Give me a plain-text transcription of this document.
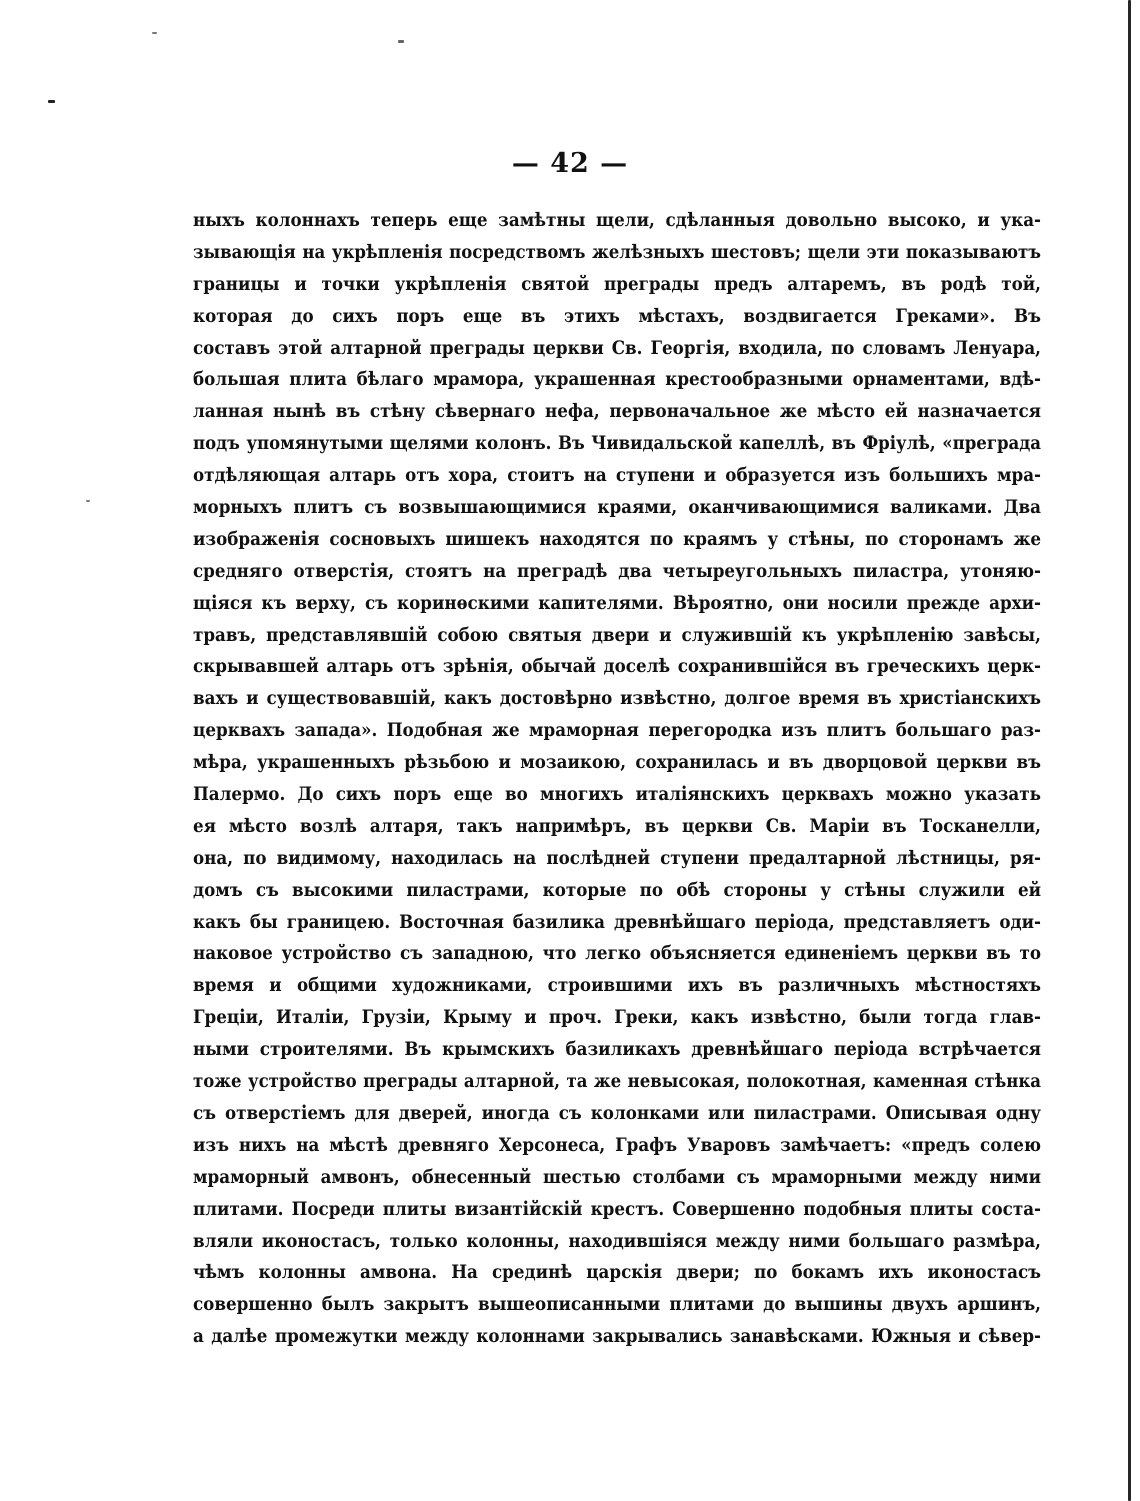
— 42 —
ныхъ колоннахъ теперь еще замѣтны щели, сдѣланныя довольно высоко, и ука-
зывающія на укрѣпленія посредствомъ желѣзныхъ шестовъ; щели эти показываютъ
границы и точки укрѣпленія святой преграды предъ алтаремъ, въ родѣ той,
которая до сихъ поръ еще въ этихъ мѣстахъ, воздвигается Греками». Въ
составъ этой алтарной преграды церкви Св. Георгія, входила, по словамъ Ленуара,
большая плита бѣлаго мрамора, украшенная крестообразными орнаментами, вдѣ-
ланная нынѣ въ стѣну сѣвернаго нефа, первоначальное же мѣсто ей назначается
подъ упомянутыми щелями колонъ. Въ Чивидальской капеллѣ, въ Фріулѣ, «преграда
отдѣляющая алтарь отъ хора, стоитъ на ступени и образуется изъ большихъ мра-
морныхъ плитъ съ возвышающимися краями, оканчивающимися валиками. Два
изображенія сосновыхъ шишекъ находятся по краямъ у стѣны, по сторонамъ же
средняго отверстія, стоятъ на преградѣ два четыреугольныхъ пиластра, утоняю-
щіяся къ верху, съ коринѳскими капителями. Вѣроятно, они носили прежде архи-
травъ, представлявшій собою святыя двери и служившій къ укрѣпленію завѣсы,
скрывавшей алтарь отъ зрѣнія, обычай доселѣ сохранившійся въ греческихъ церк-
вахъ и существовавшій, какъ достовѣрно извѣстно, долгое время въ христіанскихъ
церквахъ запада». Подобная же мраморная перегородка изъ плитъ большаго раз-
мѣра, украшенныхъ рѣзьбою и мозаикою, сохранилась и въ дворцовой церкви въ
Палермо. До сихъ поръ еще во многихъ италіянскихъ церквахъ можно указать
ея мѣсто возлѣ алтаря, такъ напримѣръ, въ церкви Св. Маріи въ Тосканелли,
она, по видимому, находилась на послѣдней ступени предалтарной лѣстницы, ря-
домъ съ высокими пиластрами, которые по обѣ стороны у стѣны служили ей
какъ бы границею. Восточная базилика древнѣйшаго періода, представляетъ оди-
наковое устройство съ западною, что легко объясняется единеніемъ церкви въ то
время и общими художниками, строившими ихъ въ различныхъ мѣстностяхъ
Греціи, Италіи, Грузіи, Крыму и проч. Греки, какъ извѣстно, были тогда глав-
ными строителями. Въ крымскихъ базиликахъ древнѣйшаго періода встрѣчается
тоже устройство преграды алтарной, та же невысокая, полокотная, каменная стѣнка
съ отверстіемъ для дверей, иногда съ колонками или пиластрами. Описывая одну
изъ нихъ на мѣстѣ древняго Херсонеса, Графъ Уваровъ замѣчаетъ: «предъ солею
мраморный амвонъ, обнесенный шестью столбами съ мраморными между ними
плитами. Посреди плиты византійскій крестъ. Совершенно подобныя плиты соста-
вляли иконостасъ, только колонны, находившіяся между ними большаго размѣра,
чѣмъ колонны амвона. На срединѣ царскія двери; по бокамъ ихъ иконостасъ
совершенно былъ закрытъ вышеописанными плитами до вышины двухъ аршинъ,
а далѣе промежутки между колоннами закрывались занавѣсками. Южныя и сѣвер-
